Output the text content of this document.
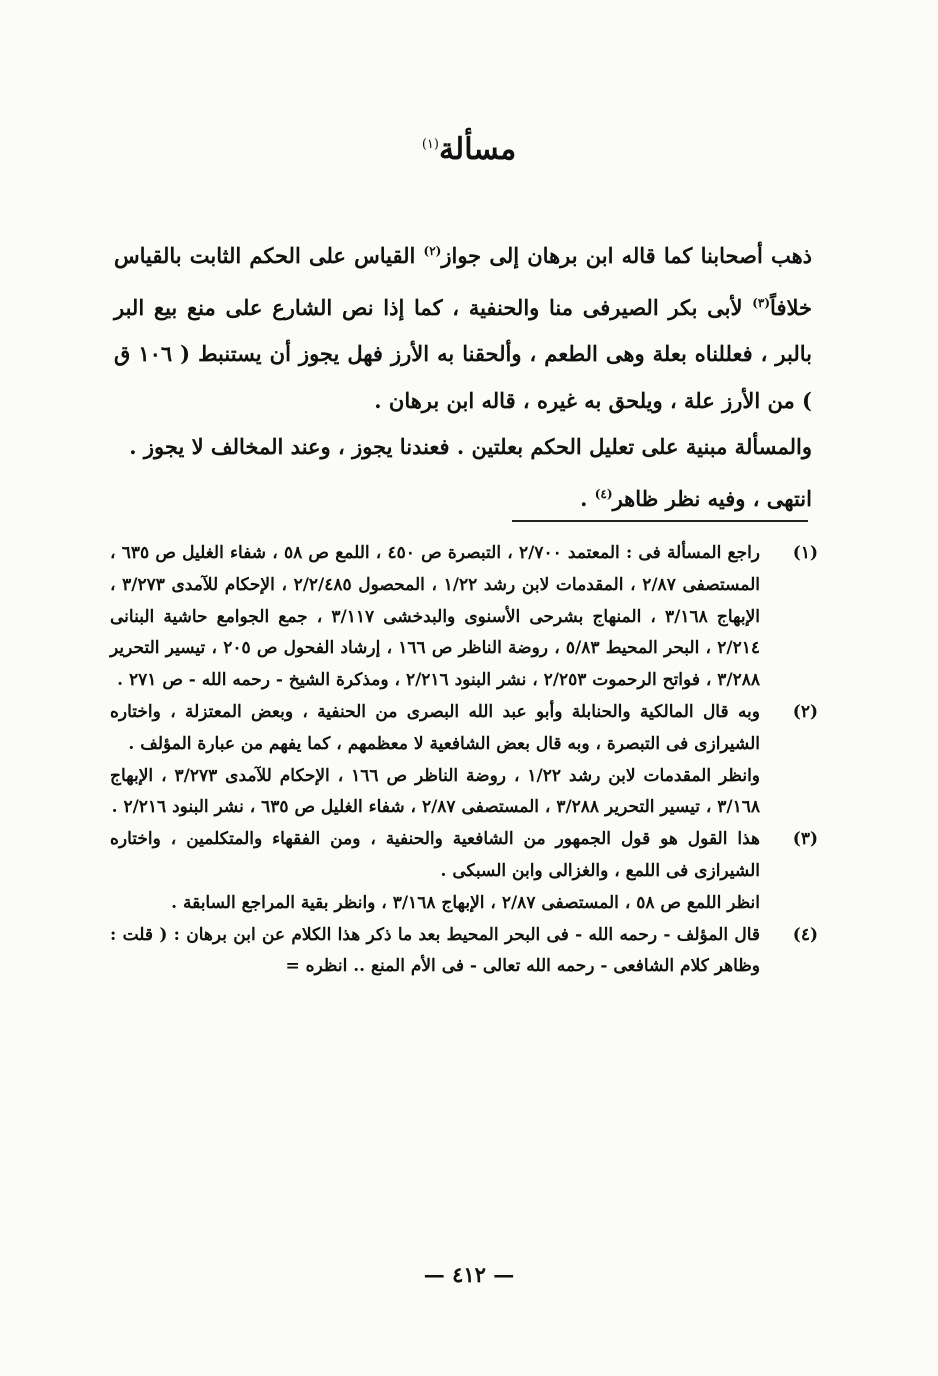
مسألة$^{(١)}$

ذهب أصحابنا كما قاله ابن برهان إلى جواز$^{(٢)}$ القياس على الحكم الثابت بالقياس خلافاً$^{(٣)}$ لأبى بكر الصيرفى منا والحنفية ، كما إذا نص الشارع على منع بيع البر بالبر ، فعللناه بعلة وهى الطعم ، وألحقنا به الأرز فهل يجوز أن يستنبط ( ١٠٦ ق ) من الأرز علة ، ويلحق به غيره ، قاله ابن برهان .

والمسألة مبنية على تعليل الحكم بعلتين . فعندنا يجوز ، وعند المخالف لا يجوز .

انتهى ، وفيه نظر ظاهر$^{(٤)}$ .

(١)
راجع المسألة فى : المعتمد ٢/٧٠٠ ، التبصرة ص ٤٥٠ ، اللمع ص ٥٨ ، شفاء الغليل ص ٦٣٥ ، المستصفى ٢/٨٧ ، المقدمات لابن رشد ١/٢٢ ، المحصول ٢/٢/٤٨٥ ، الإحكام للآمدى ٣/٢٧٣ ، الإبهاج ٣/١٦٨ ، المنهاج بشرحى الأسنوى والبدخشى ٣/١١٧ ، جمع الجوامع حاشية البنانى ٢/٢١٤ ، البحر المحيط ٥/٨٣ ، روضة الناظر ص ١٦٦ ، إرشاد الفحول ص ٢٠٥ ، تيسير التحرير ٣/٢٨٨ ، فواتح الرحموت ٢/٢٥٣ ، نشر البنود ٢/٢١٦ ، ومذكرة الشيخ - رحمه الله - ص ٢٧١ .
(٢)
وبه قال المالكية والحنابلة وأبو عبد الله البصرى من الحنفية ، وبعض المعتزلة ، واختاره الشيرازى فى التبصرة ، وبه قال بعض الشافعية لا معظمهم ، كما يفهم من عبارة المؤلف .
وانظر المقدمات لابن رشد ١/٢٢ ، روضة الناظر ص ١٦٦ ، الإحكام للآمدى ٣/٢٧٣ ، الإبهاج ٣/١٦٨ ، تيسير التحرير ٣/٢٨٨ ، المستصفى ٢/٨٧ ، شفاء الغليل ص ٦٣٥ ، نشر البنود ٢/٢١٦ .
(٣)
هذا القول هو قول الجمهور من الشافعية والحنفية ، ومن الفقهاء والمتكلمين ، واختاره الشيرازى فى اللمع ، والغزالى وابن السبكى .
انظر اللمع ص ٥٨ ، المستصفى ٢/٨٧ ، الإبهاج ٣/١٦٨ ، وانظر بقية المراجع السابقة .
(٤)
قال المؤلف - رحمه الله - فى البحر المحيط بعد ما ذكر هذا الكلام عن ابن برهان : ( قلت : وظاهر كلام الشافعى - رحمه الله تعالى - فى الأم المنع .. انظره =
— ٤١٢ —
